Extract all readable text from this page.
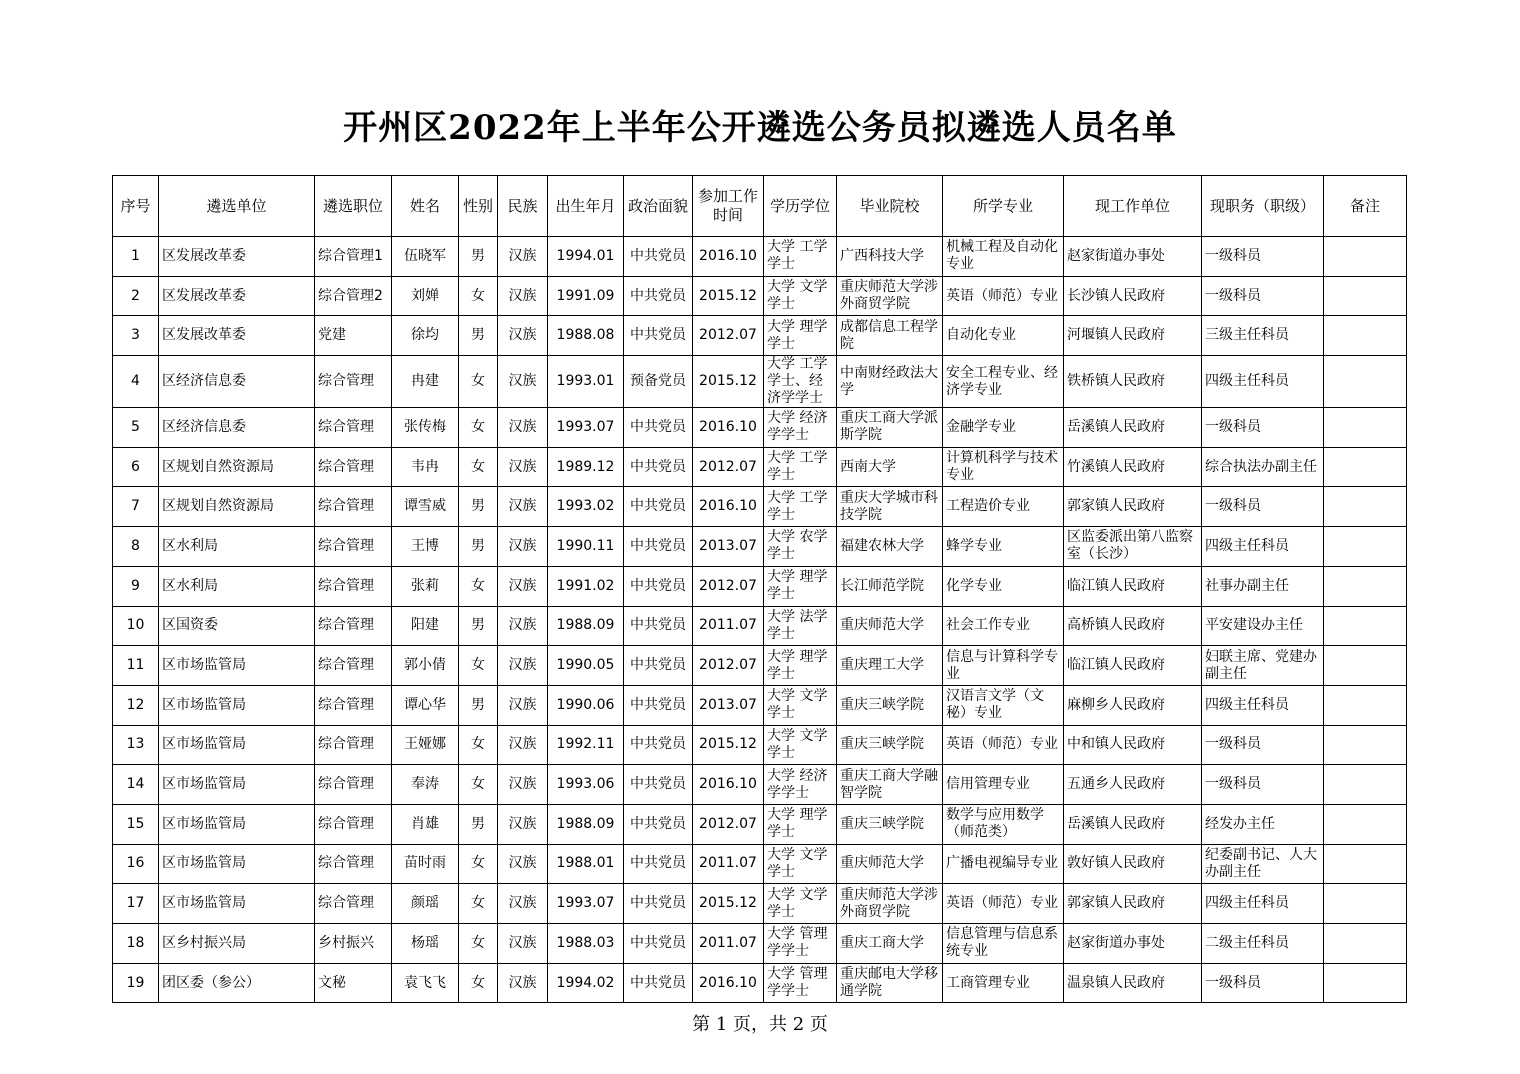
开州区2022年上半年公开遴选公务员拟遴选人员名单
序号	遴选单位	遴选职位	姓名	性别	民族	出生年月	政治面貌	参加工作时间	学历学位	毕业院校	所学专业	现工作单位	现职务（职级）	备注
1	区发展改革委	综合管理1	伍晓军	男	汉族	1994.01	中共党员	2016.10	大学 工学学士	广西科技大学	机械工程及自动化专业	赵家街道办事处	一级科员	
2	区发展改革委	综合管理2	刘婵	女	汉族	1991.09	中共党员	2015.12	大学 文学学士	重庆师范大学涉外商贸学院	英语（师范）专业	长沙镇人民政府	一级科员	
3	区发展改革委	党建	徐均	男	汉族	1988.08	中共党员	2012.07	大学 理学学士	成都信息工程学院	自动化专业	河堰镇人民政府	三级主任科员	
4	区经济信息委	综合管理	冉建	女	汉族	1993.01	预备党员	2015.12	大学 工学学士、经济学学士	中南财经政法大学	安全工程专业、经济学专业	铁桥镇人民政府	四级主任科员	
5	区经济信息委	综合管理	张传梅	女	汉族	1993.07	中共党员	2016.10	大学 经济学学士	重庆工商大学派斯学院	金融学专业	岳溪镇人民政府	一级科员	
6	区规划自然资源局	综合管理	韦冉	女	汉族	1989.12	中共党员	2012.07	大学 工学学士	西南大学	计算机科学与技术专业	竹溪镇人民政府	综合执法办副主任	
7	区规划自然资源局	综合管理	谭雪威	男	汉族	1993.02	中共党员	2016.10	大学 工学学士	重庆大学城市科技学院	工程造价专业	郭家镇人民政府	一级科员	
8	区水利局	综合管理	王博	男	汉族	1990.11	中共党员	2013.07	大学 农学学士	福建农林大学	蜂学专业	区监委派出第八监察室（长沙）	四级主任科员	
9	区水利局	综合管理	张莉	女	汉族	1991.02	中共党员	2012.07	大学 理学学士	长江师范学院	化学专业	临江镇人民政府	社事办副主任	
10	区国资委	综合管理	阳建	男	汉族	1988.09	中共党员	2011.07	大学 法学学士	重庆师范大学	社会工作专业	高桥镇人民政府	平安建设办主任	
11	区市场监管局	综合管理	郭小倩	女	汉族	1990.05	中共党员	2012.07	大学 理学学士	重庆理工大学	信息与计算科学专业	临江镇人民政府	妇联主席、党建办副主任	
12	区市场监管局	综合管理	谭心华	男	汉族	1990.06	中共党员	2013.07	大学 文学学士	重庆三峡学院	汉语言文学（文秘）专业	麻柳乡人民政府	四级主任科员	
13	区市场监管局	综合管理	王娅娜	女	汉族	1992.11	中共党员	2015.12	大学 文学学士	重庆三峡学院	英语（师范）专业	中和镇人民政府	一级科员	
14	区市场监管局	综合管理	奉涛	女	汉族	1993.06	中共党员	2016.10	大学 经济学学士	重庆工商大学融智学院	信用管理专业	五通乡人民政府	一级科员	
15	区市场监管局	综合管理	肖雄	男	汉族	1988.09	中共党员	2012.07	大学 理学学士	重庆三峡学院	数学与应用数学（师范类）	岳溪镇人民政府	经发办主任	
16	区市场监管局	综合管理	苗时雨	女	汉族	1988.01	中共党员	2011.07	大学 文学学士	重庆师范大学	广播电视编导专业	敦好镇人民政府	纪委副书记、人大办副主任	
17	区市场监管局	综合管理	颜瑶	女	汉族	1993.07	中共党员	2015.12	大学 文学学士	重庆师范大学涉外商贸学院	英语（师范）专业	郭家镇人民政府	四级主任科员	
18	区乡村振兴局	乡村振兴	杨瑶	女	汉族	1988.03	中共党员	2011.07	大学 管理学学士	重庆工商大学	信息管理与信息系统专业	赵家街道办事处	二级主任科员	
19	团区委（参公）	文秘	袁飞飞	女	汉族	1994.02	中共党员	2016.10	大学 管理学学士	重庆邮电大学移通学院	工商管理专业	温泉镇人民政府	一级科员	
第 1 页，共 2 页
